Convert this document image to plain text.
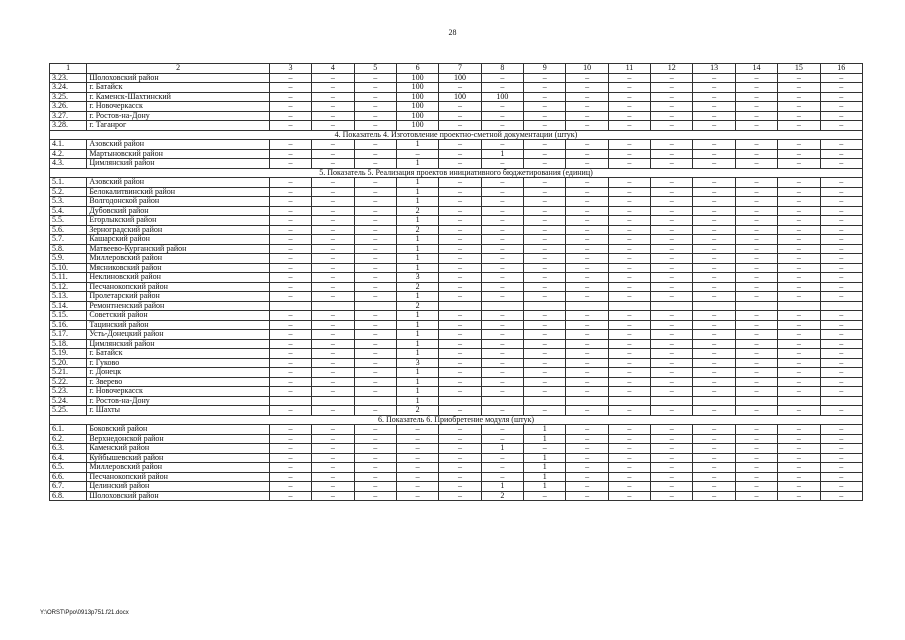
28
1	2	3	4	5	6	7	8	9	10	11	12	13	14	15	16
3.23.	Шолоховский район	–	–	–	100	100	–	–	–	–	–	–	–	–	–
3.24.	г. Батайск	–	–	–	100	–	–	–	–	–	–	–	–	–	–
3.25.	г. Каменск-Шахтинский	–	–	–	100	100	100	–	–	–	–	–	–	–	–
3.26.	г. Новочеркасск	–	–	–	100	–	–	–	–	–	–	–	–	–	–
3.27.	г. Ростов-на-Дону	–	–	–	100	–	–	–	–	–	–	–	–	–	–
3.28.	г. Таганрог	–	–	–	100	–	–	–	–	–	–	–	–	–	–
4. Показатель 4. Изготовление проектно-сметной документации (штук)															
4.1.	Азовский район	–	–	–	1	–	–	–	–	–	–	–	–	–	–
4.2.	Мартыновский район	–	–	–	–	–	1	–	–	–	–	–	–	–	–
4.3.	Цимлянский район	–	–	–	1	–	–	–	–	–	–	–	–	–	–
5. Показатель 5. Реализация проектов инициативного бюджетирования (единиц)															
5.1.	Азовский район	–	–	–	1	–	–	–	–	–	–	–	–	–	–
5.2.	Белокалитвинский район	–	–	–	1	–	–	–	–	–	–	–	–	–	–
5.3.	Волгодонской район	–	–	–	1	–	–	–	–	–	–	–	–	–	–
5.4.	Дубовский район	–	–	–	2	–	–	–	–	–	–	–	–	–	–
5.5.	Егорлыкский район	–	–	–	1	–	–	–	–	–	–	–	–	–	–
5.6.	Зерноградский район	–	–	–	2	–	–	–	–	–	–	–	–	–	–
5.7.	Кашарский район	–	–	–	1	–	–	–	–	–	–	–	–	–	–
5.8.	Матвеево-Курганский район	–	–	–	1	–	–	–	–	–	–	–	–	–	–
5.9.	Миллеровский район	–	–	–	1	–	–	–	–	–	–	–	–	–	–
5.10.	Мясниковский район	–	–	–	1	–	–	–	–	–	–	–	–	–	–
5.11.	Неклиновский район	–	–	–	3	–	–	–	–	–	–	–	–	–	–
5.12.	Песчанокопский район	–	–	–	2	–	–	–	–	–	–	–	–	–	–
5.13.	Пролетарский район	–	–	–	1	–	–	–	–	–	–	–	–	–	–
5.14.	Ремонтненский район				2										
5.15.	Советский район	–	–	–	1	–	–	–	–	–	–	–	–	–	–
5.16.	Тацинский район	–	–	–	1	–	–	–	–	–	–	–	–	–	–
5.17.	Усть-Донецкий район	–	–	–	1	–	–	–	–	–	–	–	–	–	–
5.18.	Цимлянский район	–	–	–	1	–	–	–	–	–	–	–	–	–	–
5.19.	г. Батайск	–	–	–	1	–	–	–	–	–	–	–	–	–	–
5.20.	г. Гуково	–	–	–	3	–	–	–	–	–	–	–	–	–	–
5.21.	г. Донецк	–	–	–	1	–	–	–	–	–	–	–	–	–	–
5.22.	г. Зверево	–	–	–	1	–	–	–	–	–	–	–	–	–	–
5.23.	г. Новочеркасск	–	–	–	1	–	–	–	–	–	–	–	–	–	–
5.24.	г. Ростов-на-Дону				1										
5.25.	г. Шахты	–	–	–	2	–	–	–	–	–	–	–	–	–	–
6. Показатель 6. Приобретение модуля (штук)															
6.1.	Боковский район	–	–	–	–	–	–	1	–	–	–	–	–	–	–
6.2.	Верхнедонской район	–	–	–	–	–	–	1	–	–	–	–	–	–	–
6.3.	Каменский район	–	–	–	–	–	1	–	–	–	–	–	–	–	–
6.4.	Куйбышевский район	–	–	–	–	–	–	1	–	–	–	–	–	–	–
6.5.	Миллеровский район	–	–	–	–	–	–	1	–	–	–	–	–	–	–
6.6.	Песчанокопский район	–	–	–	–	–	–	1	–	–	–	–	–	–	–
6.7.	Целинский район	–	–	–	–	–	1	1	–	–	–	–	–	–	–
6.8.	Шолоховский район	–	–	–	–	–	2	–	–	–	–	–	–	–	–
Y:\ORST\Ppo\0913p751.f21.docx
